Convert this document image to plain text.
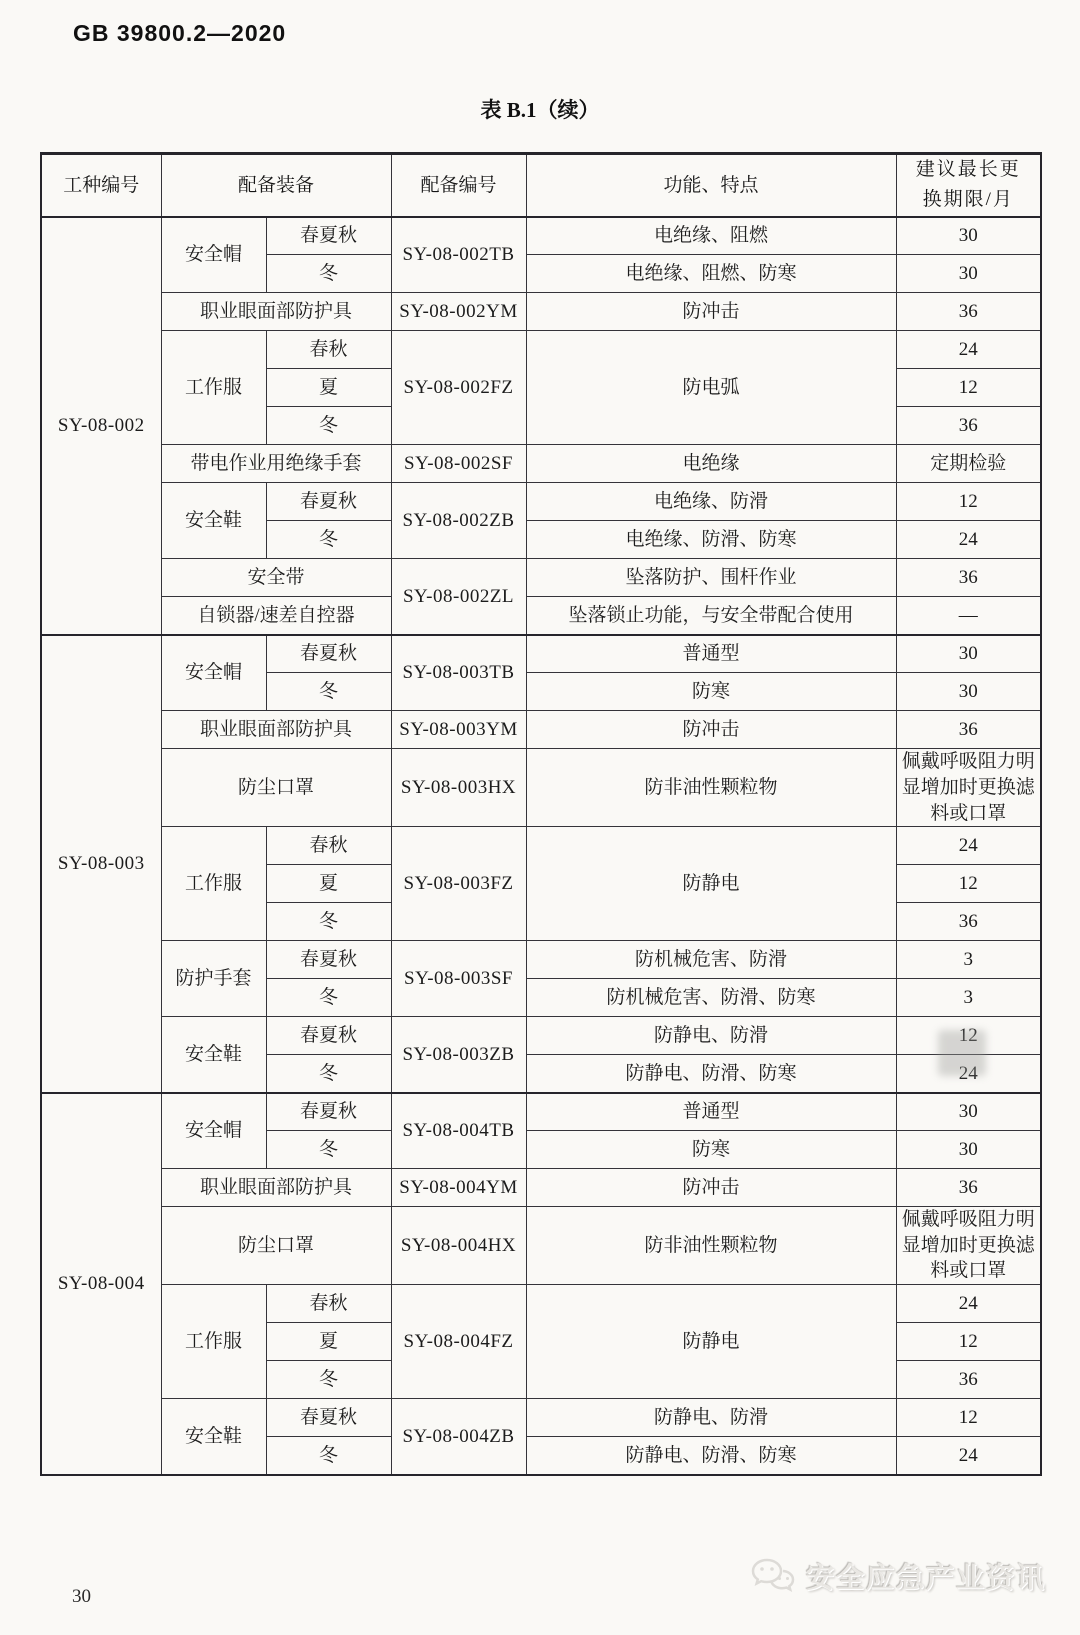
GB 39800.2—2020
表 B.1（续）
工种编号	配备装备		配备编号	功能、特点	建议最长更
换期限/月

SY-08-002	安全帽	春夏秋	SY-08-002TB	电绝缘、阻燃	30
		冬		电绝缘、阻燃、防寒	30
	职业眼面部防护具		SY-08-002YM	防冲击	36
	工作服	春秋	SY-08-002FZ	防电弧	24
		夏			12
		冬			36
	带电作业用绝缘手套		SY-08-002SF	电绝缘	定期检验
	安全鞋	春夏秋	SY-08-002ZB	电绝缘、防滑	12
		冬		电绝缘、防滑、防寒	24
	安全带		SY-08-002ZL	坠落防护、围杆作业	36
	自锁器/速差自控器			坠落锁止功能，与安全带配合使用	—
SY-08-003	安全帽	春夏秋	SY-08-003TB	普通型	30
		冬		防寒	30
	职业眼面部防护具		SY-08-003YM	防冲击	36
	防尘口罩		SY-08-003HX	防非油性颗粒物	佩戴呼吸阻力明显增加时更换滤料或口罩
	工作服	春秋	SY-08-003FZ	防静电	24
		夏			12
		冬			36
	防护手套	春夏秋	SY-08-003SF	防机械危害、防滑	3
		冬		防机械危害、防滑、防寒	3
	安全鞋	春夏秋	SY-08-003ZB	防静电、防滑	12
		冬		防静电、防滑、防寒	24
SY-08-004	安全帽	春夏秋	SY-08-004TB	普通型	30
		冬		防寒	30
	职业眼面部防护具		SY-08-004YM	防冲击	36
	防尘口罩		SY-08-004HX	防非油性颗粒物	佩戴呼吸阻力明显增加时更换滤料或口罩
	工作服	春秋	SY-08-004FZ	防静电	24
		夏			12
		冬			36
	安全鞋	春夏秋	SY-08-004ZB	防静电、防滑	12
		冬		防静电、防滑、防寒	24
安全应急产业资讯
30
